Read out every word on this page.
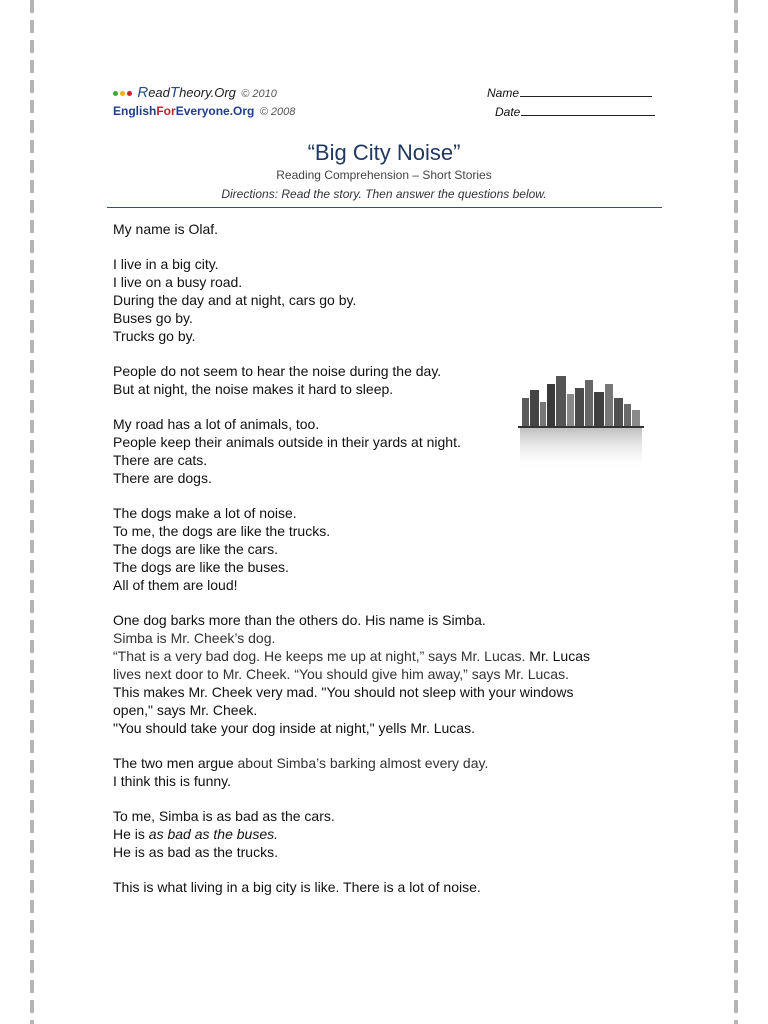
ReadTheory.Org © 2010
EnglishForEveryone.Org © 2008
Name
Date
“Big City Noise”
Reading Comprehension – Short Stories
Directions: Read the story. Then answer the questions below.

My name is Olaf.

I live in a big city.
I live on a busy road.
During the day and at night, cars go by.
Buses go by.
Trucks go by.

People do not seem to hear the noise during the day.
But at night, the noise makes it hard to sleep.

My road has a lot of animals, too.
People keep their animals outside in their yards at night.
There are cats.
There are dogs.

The dogs make a lot of noise.
To me, the dogs are like the trucks.
The dogs are like the cars.
The dogs are like the buses.
All of them are loud!

One dog barks more than the others do. His name is Simba.
Simba is Mr. Cheek’s dog.
“That is a very bad dog. He keeps me up at night,” says Mr. Lucas. Mr. Lucas
lives next door to Mr. Cheek. “You should give him away,” says Mr. Lucas.
This makes Mr. Cheek very mad. "You should not sleep with your windows
open," says Mr. Cheek.
"You should take your dog inside at night," yells Mr. Lucas.

The two men argue about Simba’s barking almost every day.
I think this is funny.

To me, Simba is as bad as the cars.
He is as bad as the buses.
He is as bad as the trucks.

This is what living in a big city is like. There is a lot of noise.
